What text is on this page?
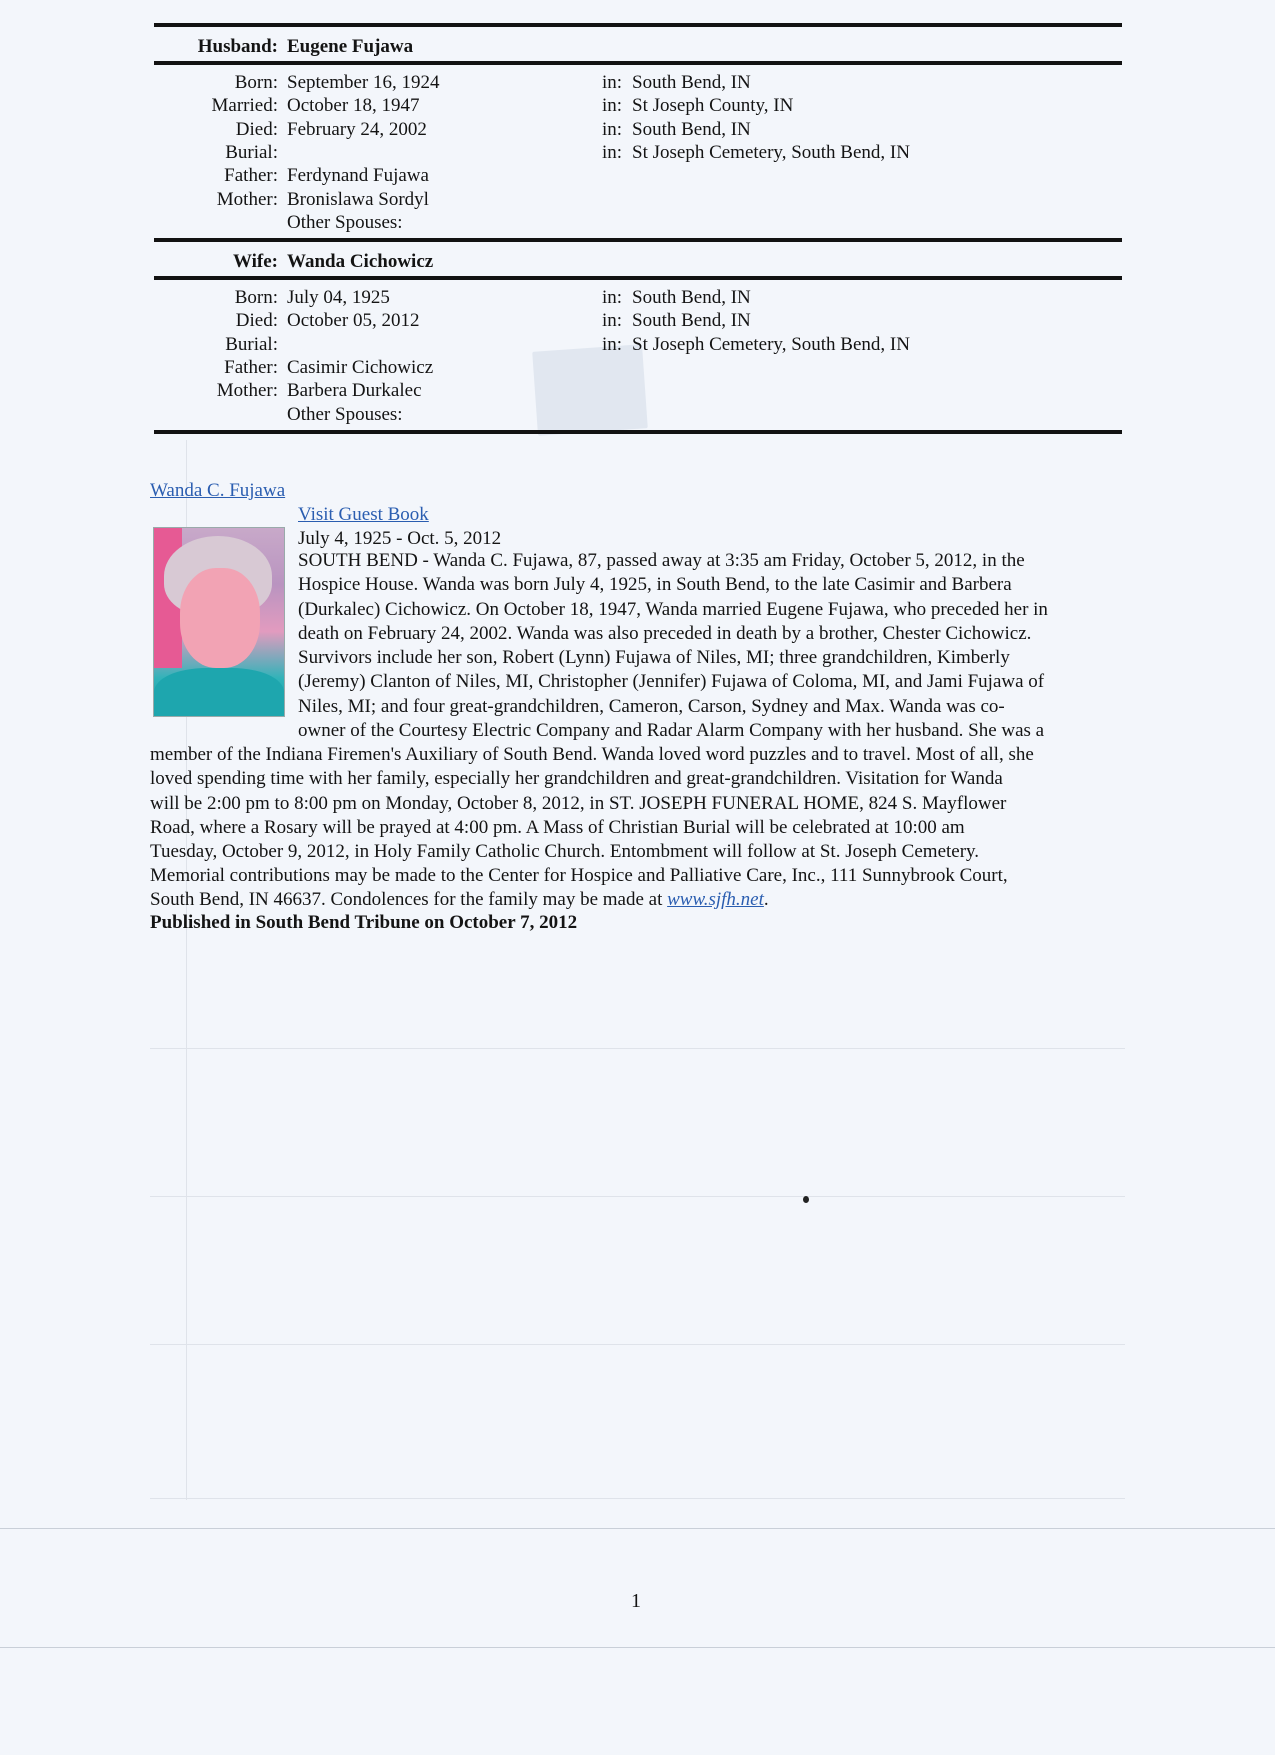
Husband: Eugene Fujawa
Born: September 16, 1924	in: South Bend, IN
Married: October 18, 1947	in: St Joseph County, IN
Died: February 24, 2002	in: South Bend, IN
Burial:	in: St Joseph Cemetery, South Bend, IN
Father: Ferdynand Fujawa
Mother: Bronislawa Sordyl
Other Spouses:
Wife: Wanda Cichowicz
Born: July 04, 1925	in: South Bend, IN
Died: October 05, 2012	in: South Bend, IN
Burial:	in: St Joseph Cemetery, South Bend, IN
Father: Casimir Cichowicz
Mother: Barbera Durkalec
Other Spouses:
Wanda C. Fujawa
Visit Guest Book
July 4, 1925 - Oct. 5, 2012
SOUTH BEND - Wanda C. Fujawa, 87, passed away at 3:35 am Friday, October 5, 2012, in the
Hospice House. Wanda was born July 4, 1925, in South Bend, to the late Casimir and Barbera
(Durkalec) Cichowicz. On October 18, 1947, Wanda married Eugene Fujawa, who preceded her in
death on February 24, 2002. Wanda was also preceded in death by a brother, Chester Cichowicz.
Survivors include her son, Robert (Lynn) Fujawa of Niles, MI; three grandchildren, Kimberly
(Jeremy) Clanton of Niles, MI, Christopher (Jennifer) Fujawa of Coloma, MI, and Jami Fujawa of
Niles, MI; and four great-grandchildren, Cameron, Carson, Sydney and Max. Wanda was co-
owner of the Courtesy Electric Company and Radar Alarm Company with her husband. She was a
member of the Indiana Firemen's Auxiliary of South Bend. Wanda loved word puzzles and to travel. Most of all, she
loved spending time with her family, especially her grandchildren and great-grandchildren. Visitation for Wanda
will be 2:00 pm to 8:00 pm on Monday, October 8, 2012, in ST. JOSEPH FUNERAL HOME, 824 S. Mayflower
Road, where a Rosary will be prayed at 4:00 pm. A Mass of Christian Burial will be celebrated at 10:00 am
Tuesday, October 9, 2012, in Holy Family Catholic Church. Entombment will follow at St. Joseph Cemetery.
Memorial contributions may be made to the Center for Hospice and Palliative Care, Inc., 111 Sunnybrook Court,
South Bend, IN 46637. Condolences for the family may be made at www.sjfh.net.
Published in South Bend Tribune on October 7, 2012
1
